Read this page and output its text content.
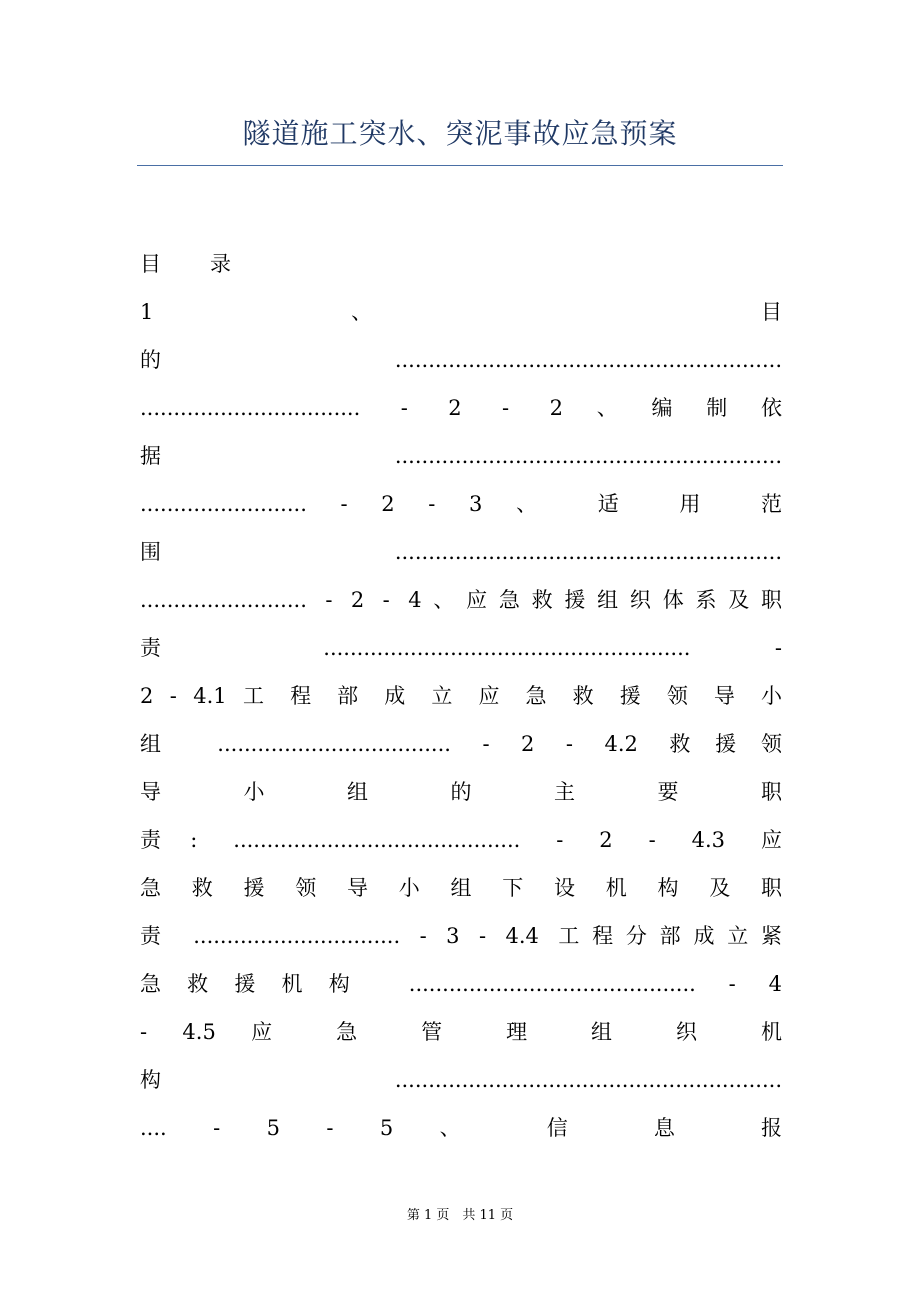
隧道施工突水、突泥事故应急预案
目　录
1 、 目
的..........................................................
................................. - 2 - 2、编制依
据 ..........................................................
......................... - 2 - 3 、 适 用 范
围 ..........................................................
......................... - 2 - 4、应急救援组织体系及职
责 ....................................................... -
2 - 4.1 工 程 部 成 立 应 急 救 援 领 导 小
组 ................................... - 2 - 4.2 救援领
导 小 组 的 主 要 职
责: ........................................... - 2 - 4.3 应
急 救 援 领 导 小 组 下 设 机 构 及 职
责 ............................... - 3 - 4.4 工程分部成立紧
急救援机构 ........................................... - 4
- 4.5 应 急 管 理 组 织 机
构 ..........................................................
.... - 5 - 5 、 信 息 报
第 1 页　共 11 页
